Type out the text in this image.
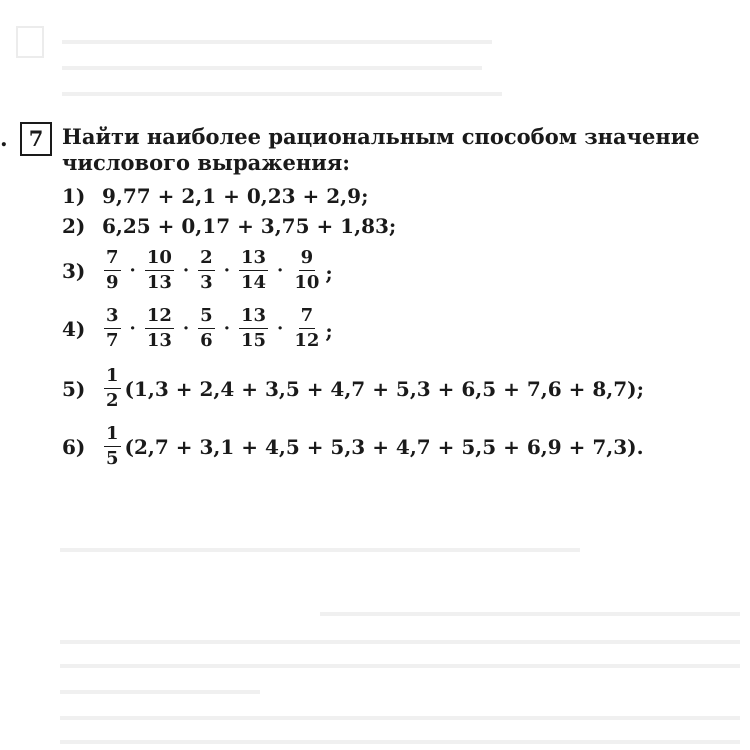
.	7 Найти наиболее рациональным способом значение
числового выражения:
1) 9,77 + 2,1 + 0,23 + 2,9;
2) 6,25 + 0,17 + 3,75 + 1,83;
3)	$\frac{7}{9} \cdot \frac{10}{13} \cdot \frac{2}{3} \cdot \frac{13}{14} \cdot \frac{9}{10}$ ;
4)	$\frac{3}{7} \cdot \frac{12}{13} \cdot \frac{5}{6} \cdot \frac{13}{15} \cdot \frac{7}{12}$ ;
5)	$\frac{1}{2} (1,3 + 2,4 + 3,5 + 4,7 + 5,3 + 6,5 + 7,6 + 8,7)$;
6)	$\frac{1}{5} (2,7 + 3,1 + 4,5 + 5,3 + 4,7 + 5,5 + 6,9 + 7,3)$.
